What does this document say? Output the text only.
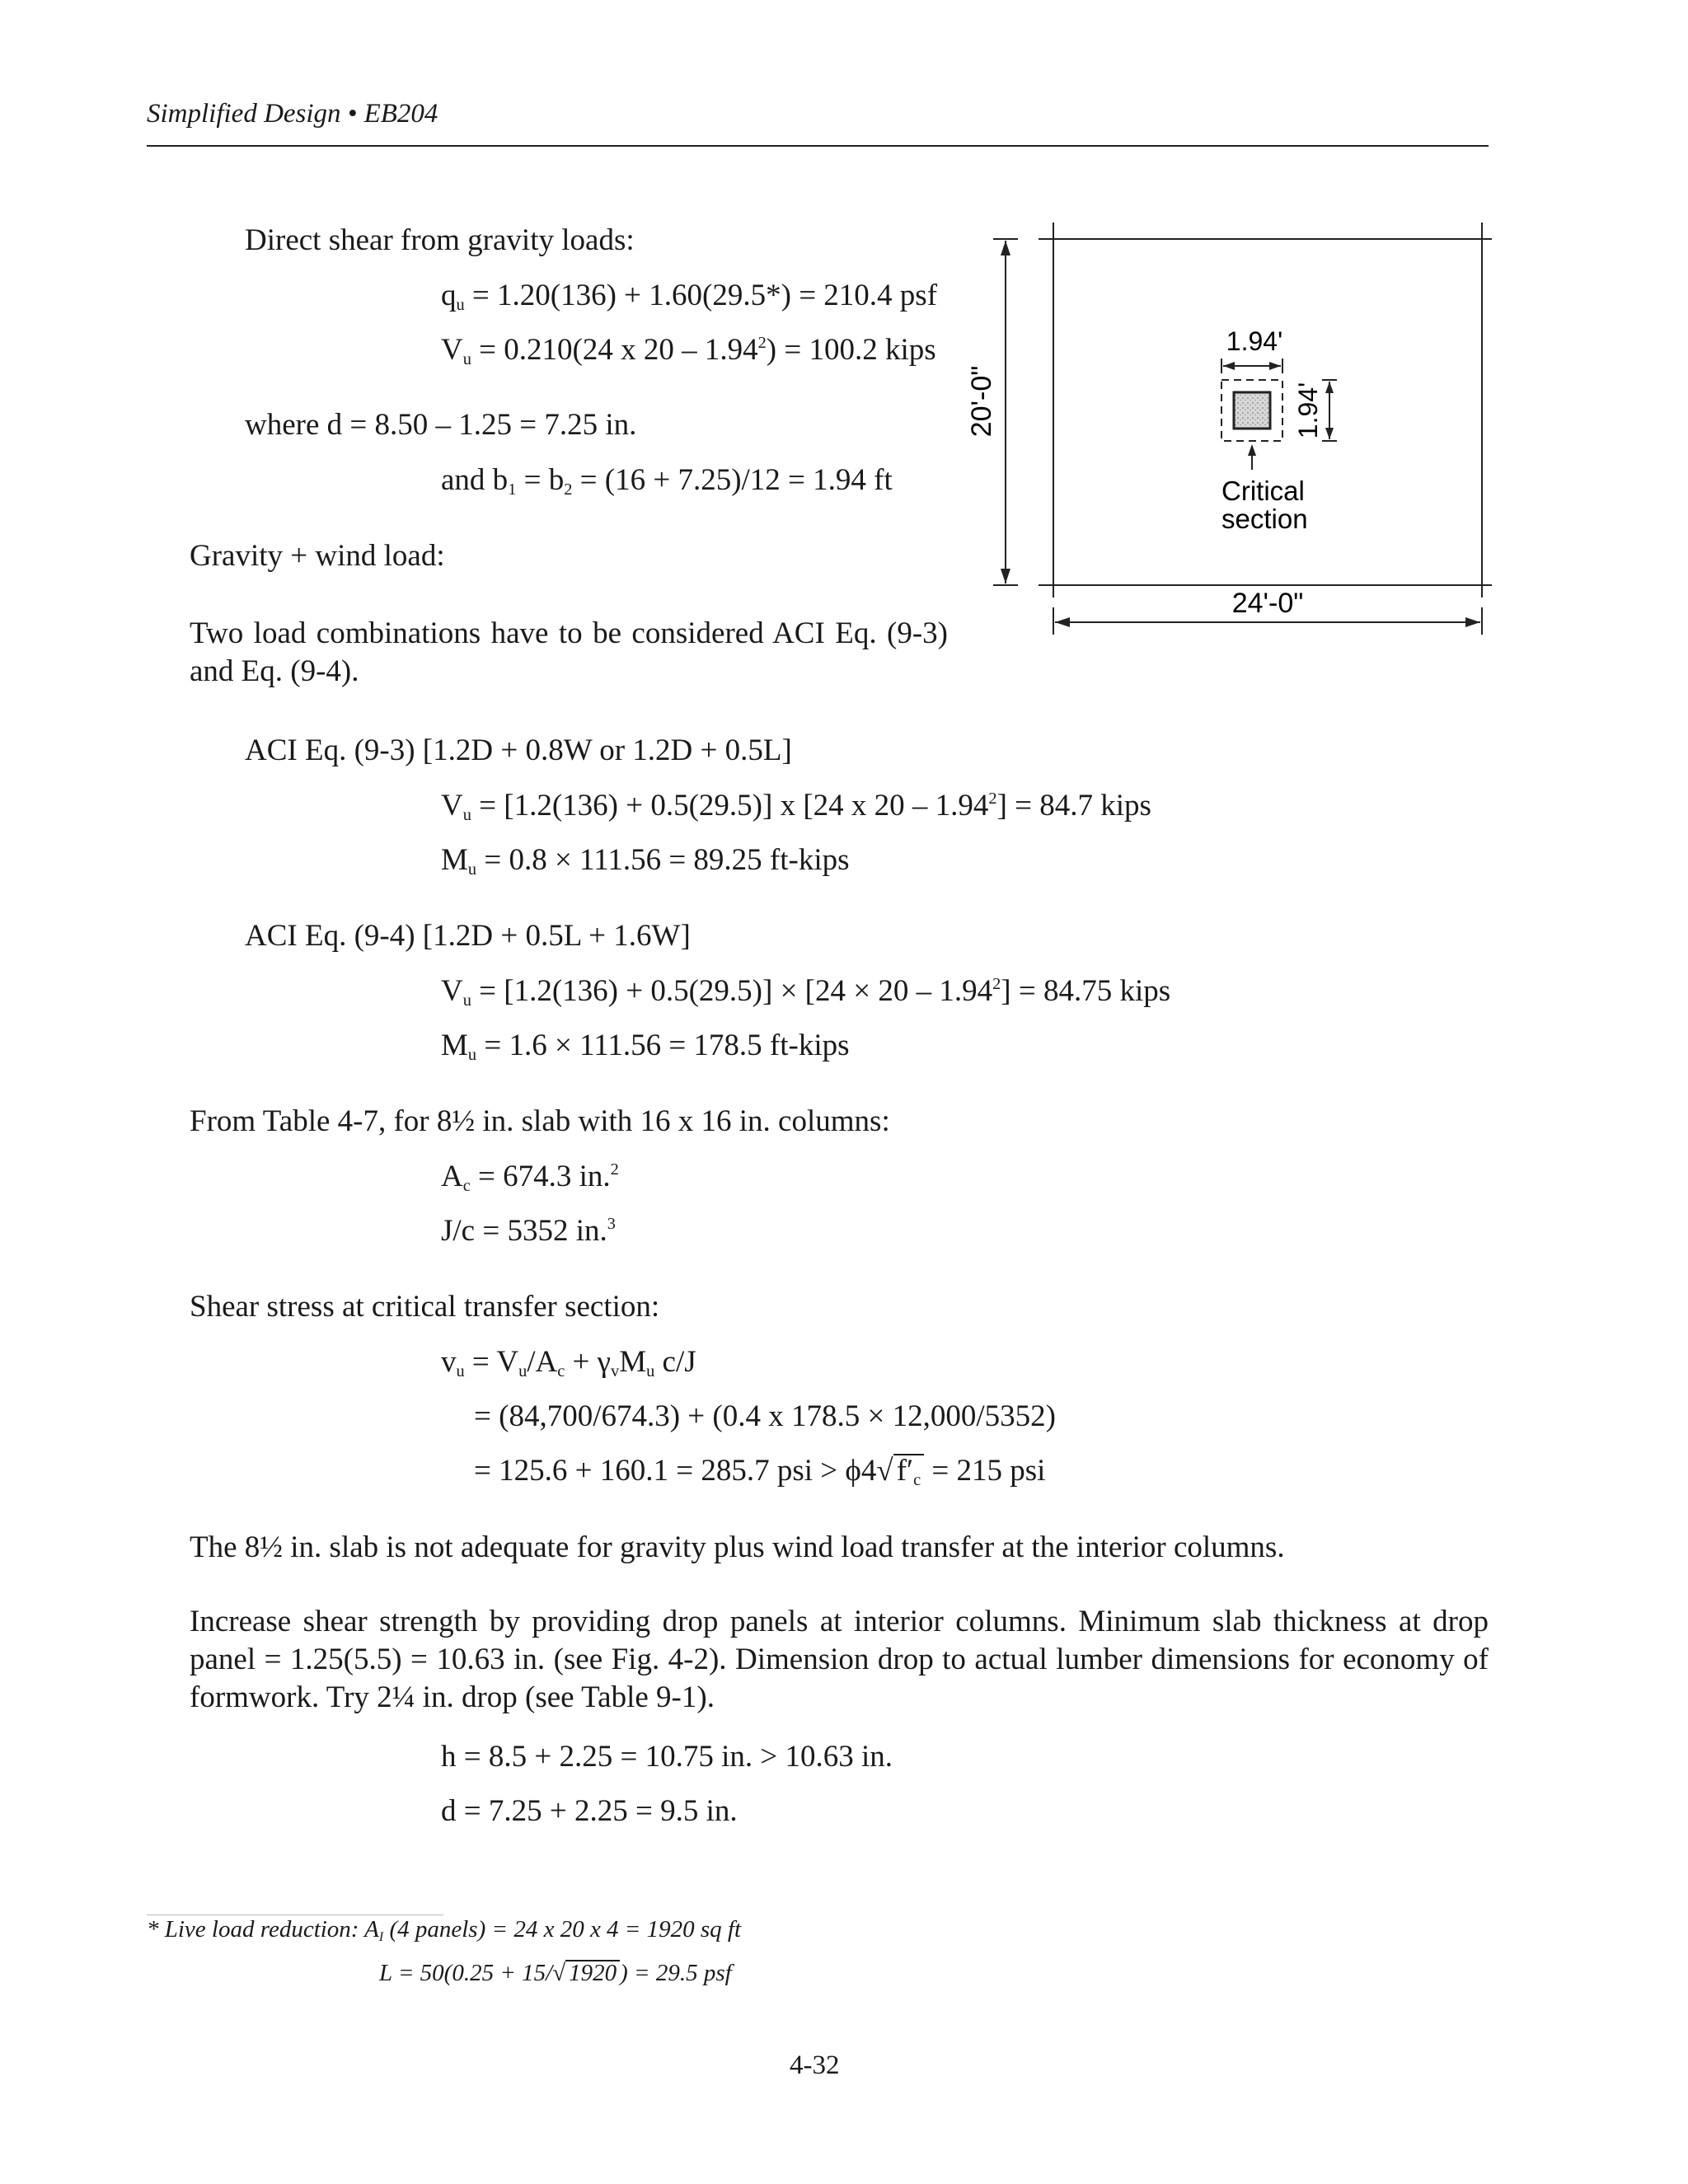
Simplified Design • EB204
Direct shear from gravity loads:
$q_u = 1.20(136) + 1.60(29.5*) = 210.4$ psf
$V_u = 0.210(24$ x $20 - 1.94^2) = 100.2$ kips
where d = 8.50 – 1.25 = 7.25 in.
and $b_1 = b_2 = (16 + 7.25)/12 = 1.94$ ft
Gravity + wind load:
Two load combinations have to be considered ACI Eq. (9-3) and Eq. (9-4).
20'-0"
24'-0"
1.94'
1.94'
Critical
section
ACI Eq. (9-3) [1.2D + 0.8W or 1.2D + 0.5L]
$V_u = [1.2(136) + 0.5(29.5)]$ x [24 x $20 - 1.94^2] = 84.7$ kips
$M_u = 0.8 \times 111.56 = 89.25$ ft-kips
ACI Eq. (9-4) [1.2D + 0.5L + 1.6W]
$V_u = [1.2(136) + 0.5(29.5)] \times [24 \times 20 - 1.94^2] = 84.75$ kips
$M_u = 1.6 \times 111.56 = 178.5$ ft-kips
From Table 4-7, for 8½ in. slab with 16 x 16 in. columns:
$A_c = 674.3$ in.$^2$
J/c = 5352 in.$^3$
Shear stress at critical transfer section:
$v_u = V_u/A_c + \gamma_vM_u$ c/J
= (84,700/674.3) + (0.4 x 178.5 × 12,000/5352)
= 125.6 + 160.1 = 285.7 psi > ϕ4√ $f'_c = 215$ psi
The 8½ in. slab is not adequate for gravity plus wind load transfer at the interior columns.
Increase shear strength by providing drop panels at interior columns. Minimum slab thickness at drop panel = 1.25(5.5) = 10.63 in. (see Fig. 4-2). Dimension drop to actual lumber dimensions for economy of formwork. Try 2¼ in. drop (see Table 9-1).
h = 8.5 + 2.25 = 10.75 in. > 10.63 in.
d = 7.25 + 2.25 = 9.5 in.
* Live load reduction: $A_I$ (4 panels) = 24 x 20 x 4 = 1920 sq ft
L = 50(0.25 + 15/√ 1920 ) = 29.5 psf
4-32
